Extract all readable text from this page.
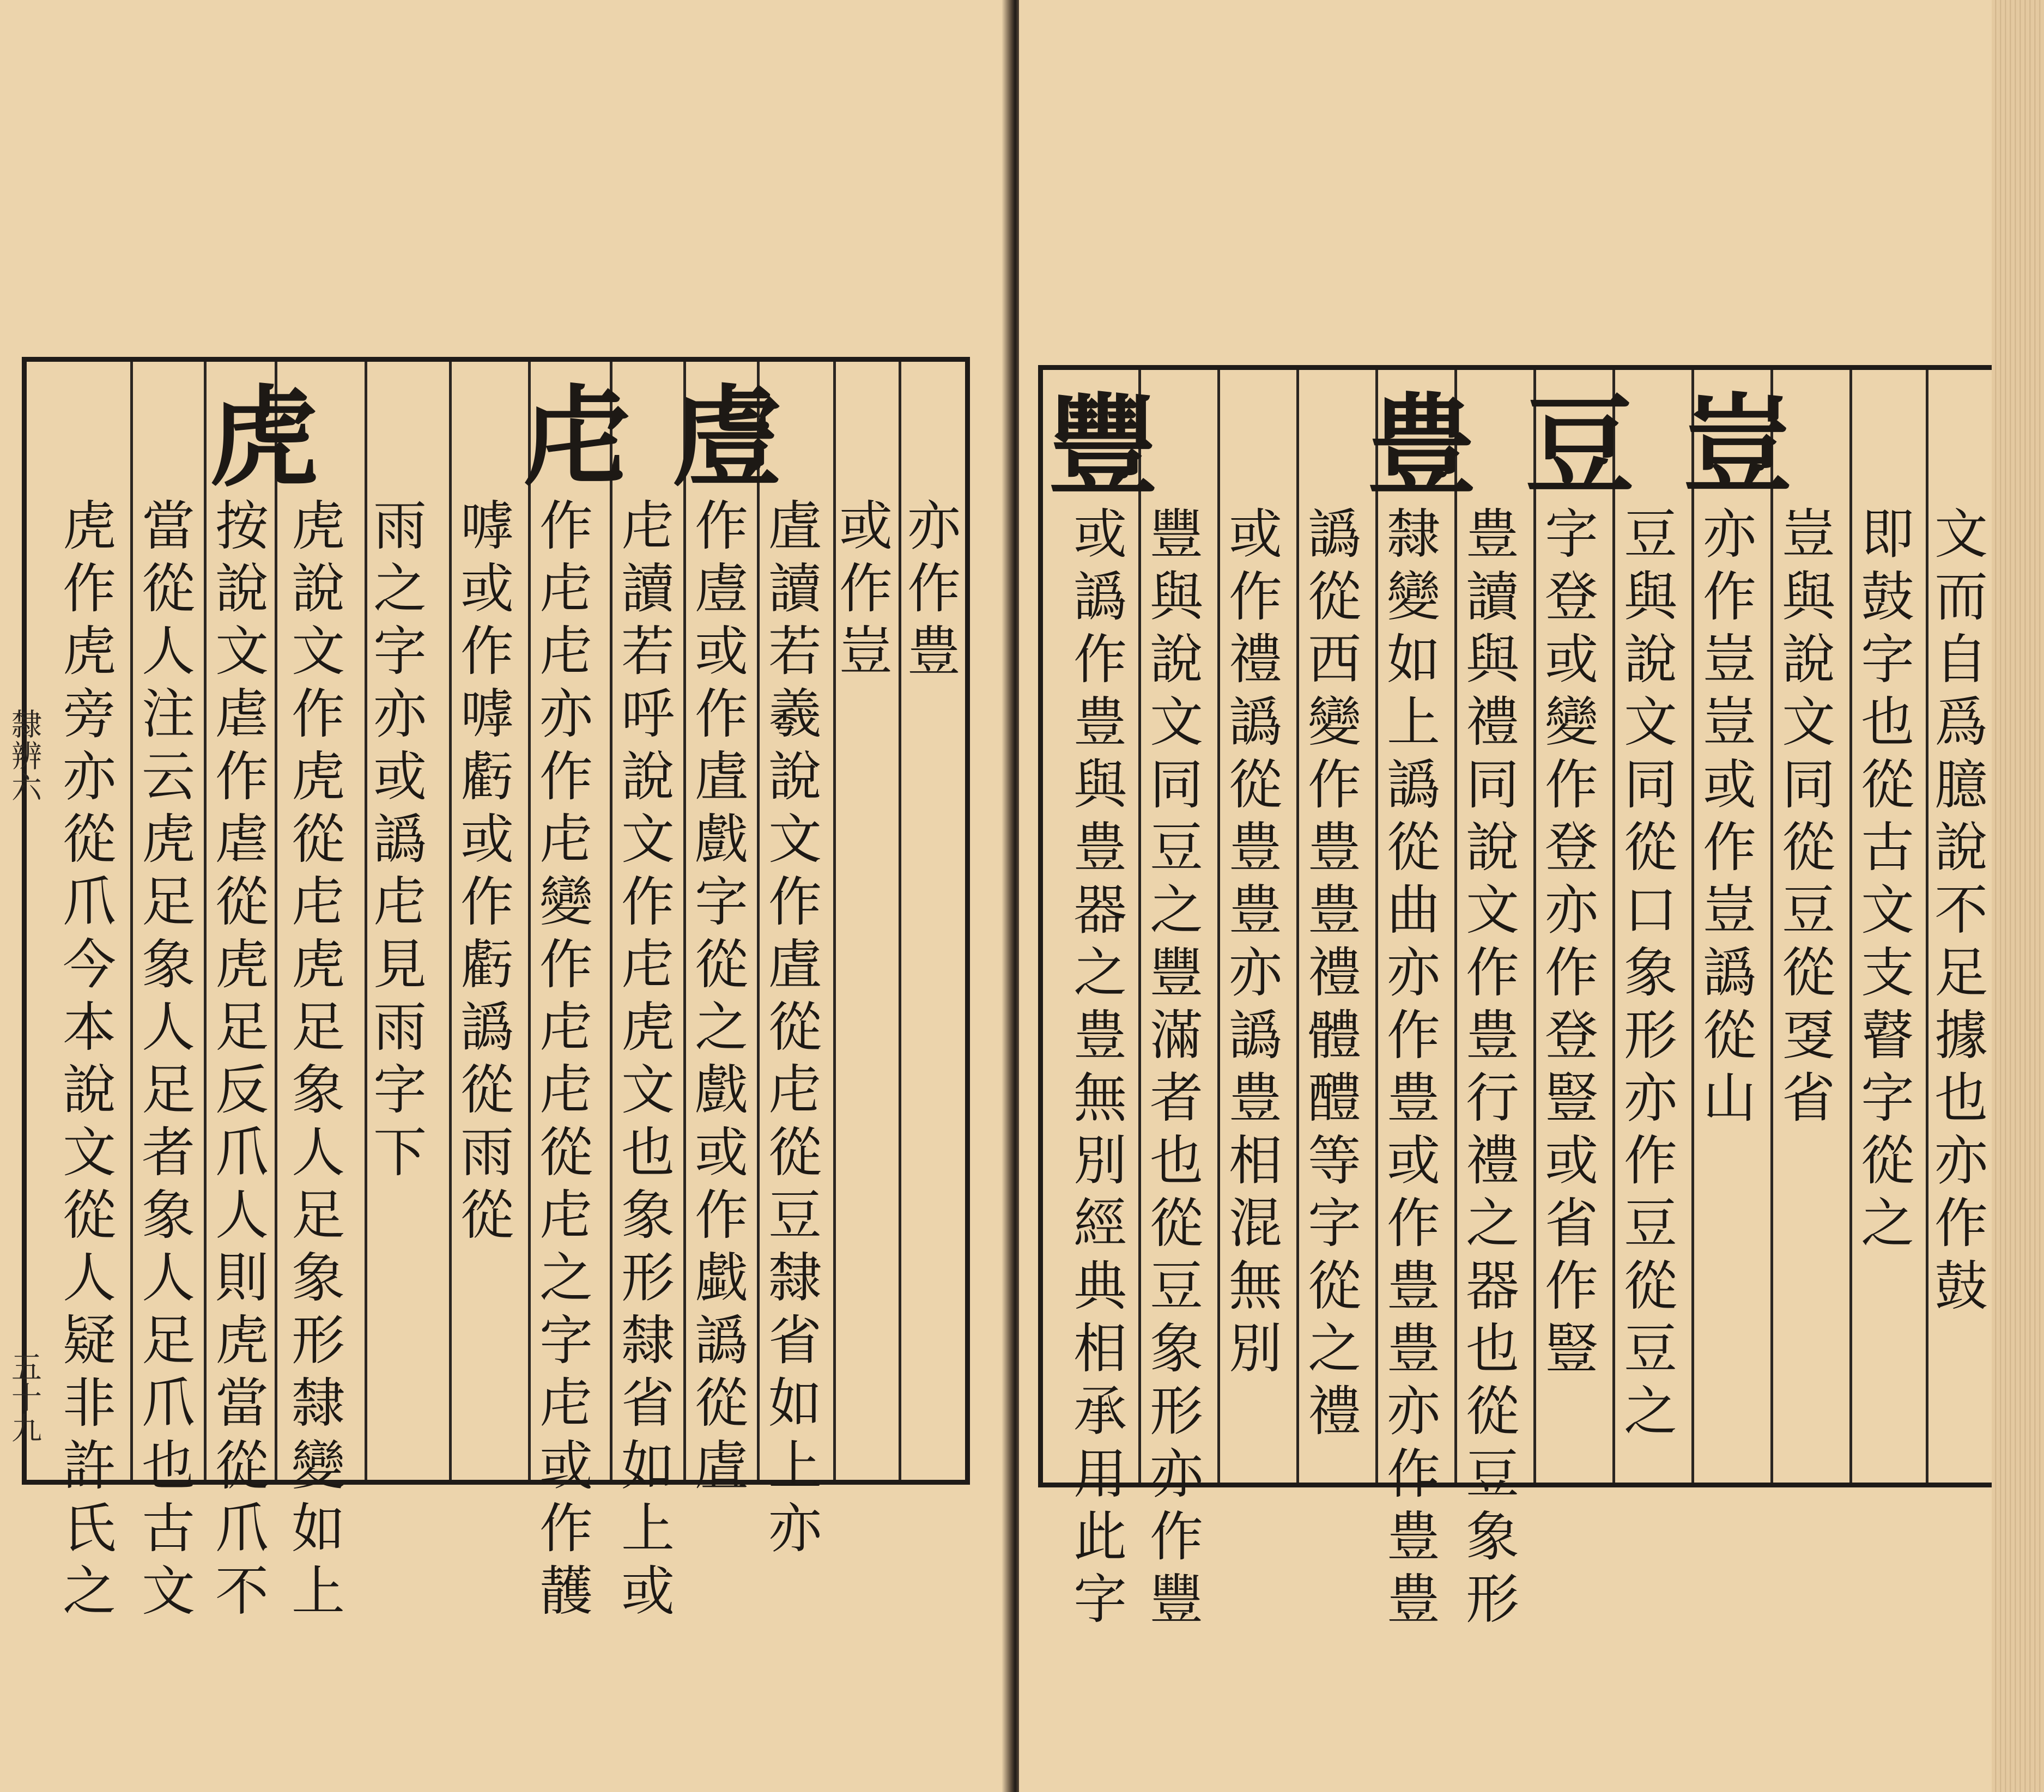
虎 虍 䖒
亦
作
豊
或
作
豈
虘
讀
若
羲
說
文
作
虘
從
虍
從
豆
隸
省
如
上
亦
作
䖒
或
作
虘
戲
字
從
之
戲
或
作
戱
譌
從
虘
虍
讀
若
呼
說
文
作
虍
虎
文
也
象
形
隸
省
如
上
或
作
虍
虍
亦
作
虍
變
作
虍
虍
從
虍
之
字
虍
或
作
䨼
嘑
或
作
嘑
虧
或
作
虧
譌
從
雨
從
雨
之
字
亦
或
譌
虍
見
雨
字
下
虎
說
文
作
虎
從
虍
虎
足
象
人
足
象
形
隸
變
如
上
按
說
文
虐
作
虐
從
虎
足
反
爪
人
則
虎
當
從
爪
不
當
從
人
注
云
虎
足
象
人
足
者
象
人
足
爪
也
古
文
虎
作
虎
旁
亦
從
爪
今
本
說
文
從
人
疑
非
許
氏
之
隸辨六
五十九
豈
豆
豊
豐
文
而
自
爲
臆
說
不
足
據
也
亦
作
鼓
即
鼓
字
也
從
古
文
支
瞽
字
從
之
豈
與
說
文
同
從
豆
從
㪅
省
亦
作
豈
豈
或
作
豈
譌
從
山
豆
與
說
文
同
從
口
象
形
亦
作
豆
從
豆
之
字
登
或
變
作
登
亦
作
登
豎
或
省
作
豎
豊
讀
與
禮
同
說
文
作
豊
行
禮
之
器
也
從
豆
象
形
隸
變
如
上
譌
從
曲
亦
作
豊
或
作
豊
豊
亦
作
豊
豊
譌
從
西
變
作
豊
豊
禮
體
醴
等
字
從
之
禮
或
作
禮
譌
從
豊
豊
亦
譌
豊
相
混
無
別
豐
與
說
文
同
豆
之
豐
滿
者
也
從
豆
象
形
亦
作
豐
或
譌
作
豊
與
豊
器
之
豊
無
別
經
典
相
承
用
此
字
